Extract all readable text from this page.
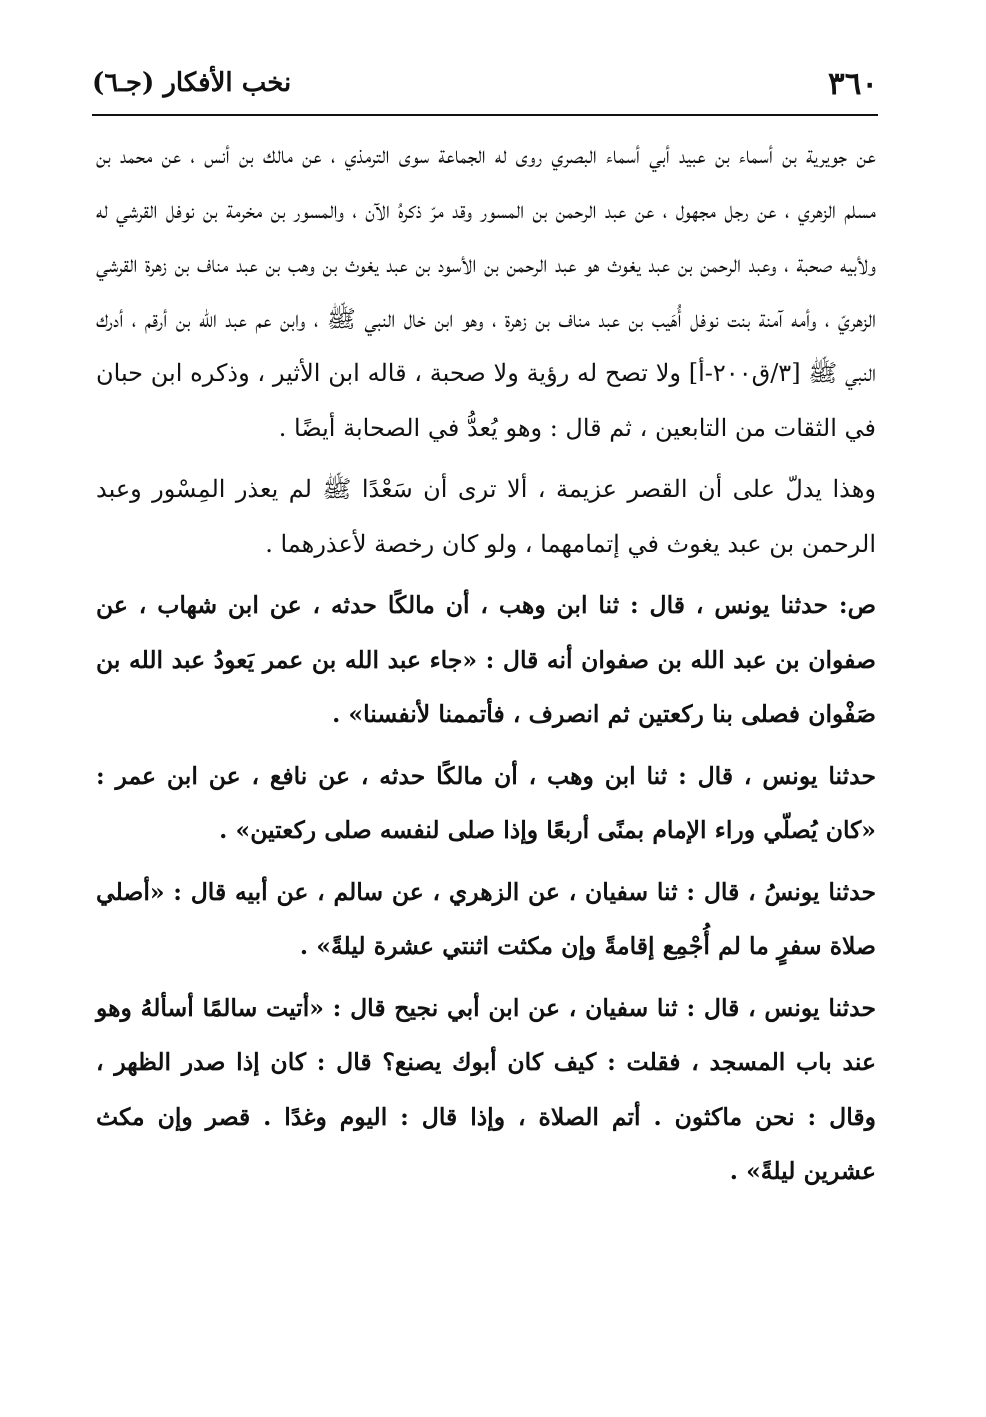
٣٦٠
نخب الأفكار (جـ٦)

عن جويرية بن أسماء بن عبيد أبي أسماء البصري روى له الجماعة سوى الترمذي ، عن مالك بن أنس ، عن محمد بن مسلم الزهري ، عن رجل مجهول ، عن عبد الرحمن بن المسور وقد مرّ ذكرهُ الآن ، والمسور بن مخرمة بن نوفل القرشي له ولأبيه صحبة ، وعبد الرحمن بن عبد يغوث هو عبد الرحمن بن الأسود بن عبد يغوث بن وهب بن عبد مناف بن زهرة القرشي الزهريّ ، وأمه آمنة بنت نوفل أُهَيب بن عبد مناف بن زهرة ، وهو ابن خال النبي ﷺ ، وابن عم عبد الله بن أرقم ، أدرك النبي ﷺ [٣/ق٢٠٠-أ] ولا تصح له رؤية ولا صحبة ، قاله ابن الأثير ، وذكره ابن حبان في الثقات من التابعين ، ثم قال : وهو يُعدُّ في الصحابة أيضًا .

وهذا يدلّ على أن القصر عزيمة ، ألا ترى أن سَعْدًا ﷺ لم يعذر المِسْور وعبد الرحمن بن عبد يغوث في إتمامهما ، ولو كان رخصة لأعذرهما .

ص: حدثنا يونس ، قال : ثنا ابن وهب ، أن مالكًا حدثه ، عن ابن شهاب ، عن صفوان بن عبد الله بن صفوان أنه قال : «جاء عبد الله بن عمر يَعودُ عبد الله بن صَفْوان فصلى بنا ركعتين ثم انصرف ، فأتممنا لأنفسنا» .

حدثنا يونس ، قال : ثنا ابن وهب ، أن مالكًا حدثه ، عن نافع ، عن ابن عمر : «كان يُصلّي وراء الإمام بمنًى أربعًا وإذا صلى لنفسه صلى ركعتين» .

حدثنا يونسُ ، قال : ثنا سفيان ، عن الزهري ، عن سالم ، عن أبيه قال : «أصلي صلاة سفرٍ ما لم أُجْمِع إقامةً وإن مكثت اثنتي عشرة ليلةً» .

حدثنا يونس ، قال : ثنا سفيان ، عن ابن أبي نجيح قال : «أتيت سالمًا أسألهُ وهو عند باب المسجد ، فقلت : كيف كان أبوك يصنع؟ قال : كان إذا صدر الظهر ، وقال : نحن ماكثون . أتم الصلاة ، وإذا قال : اليوم وغدًا . قصر وإن مكث عشرين ليلةً» .
